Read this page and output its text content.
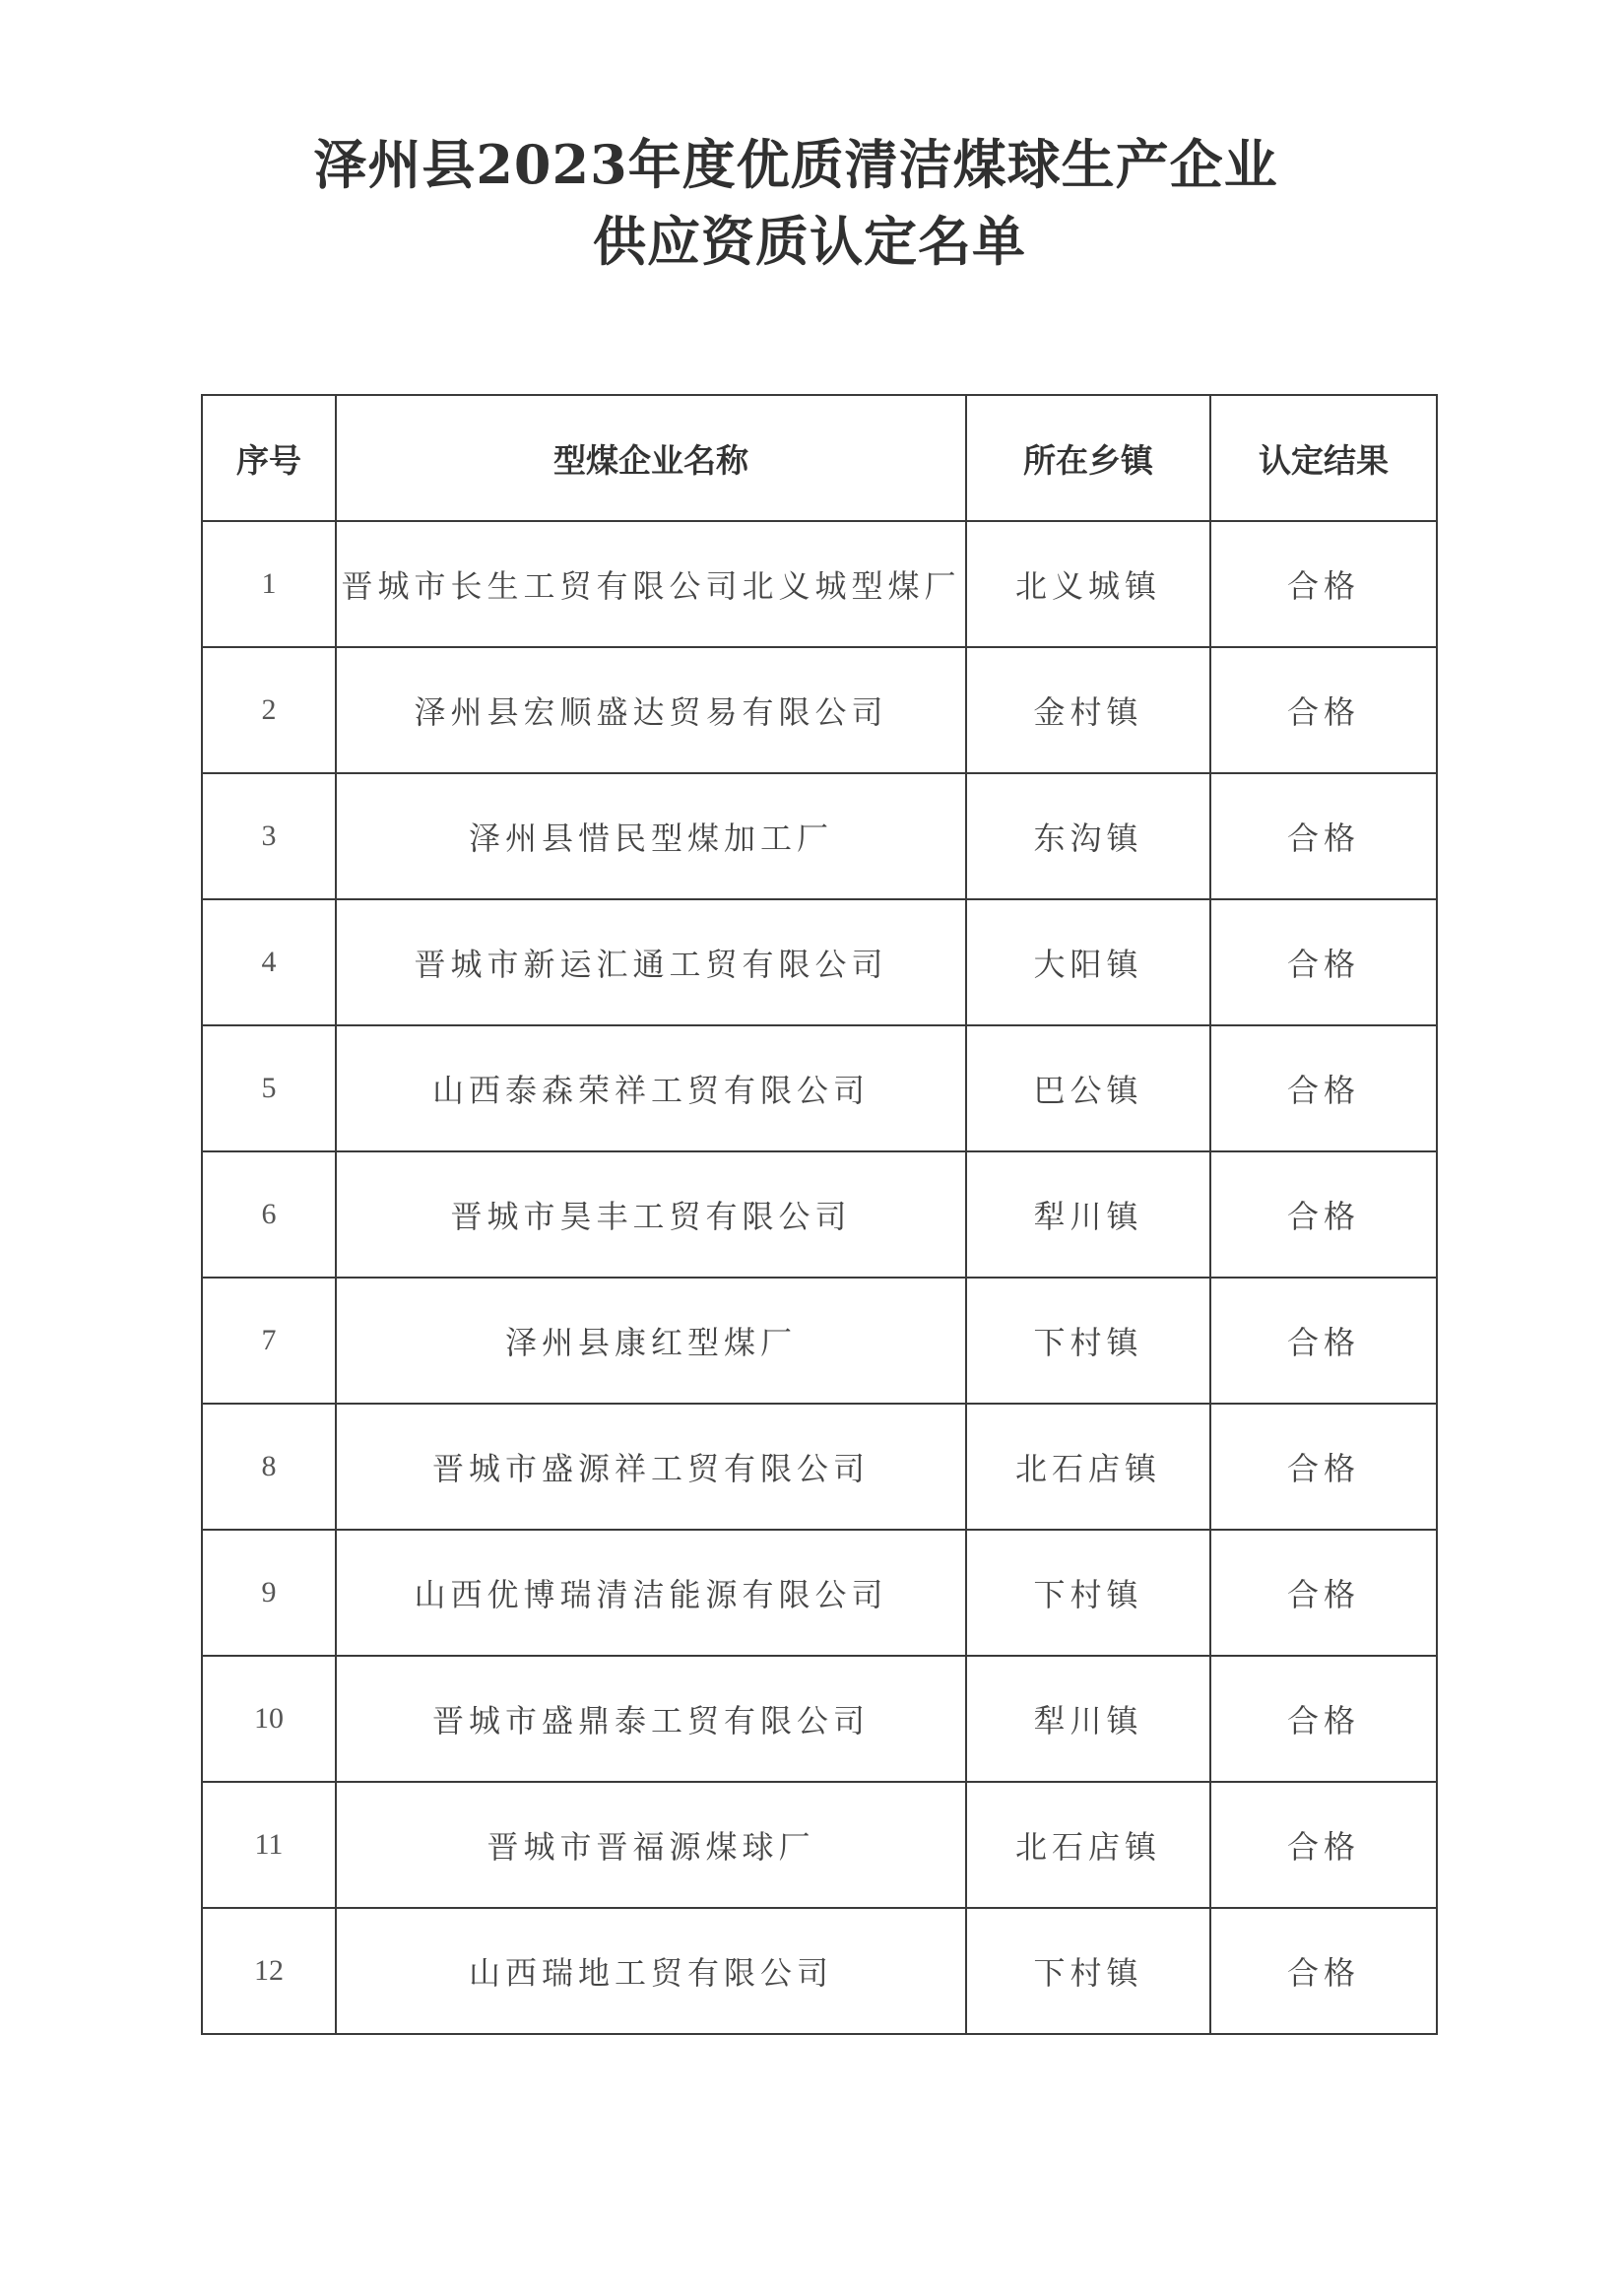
泽州县2023年度优质清洁煤球生产企业
供应资质认定名单
序号	型煤企业名称	所在乡镇	认定结果
1	晋城市长生工贸有限公司北义城型煤厂	北义城镇	合格
2	泽州县宏顺盛达贸易有限公司	金村镇	合格
3	泽州县惜民型煤加工厂	东沟镇	合格
4	晋城市新运汇通工贸有限公司	大阳镇	合格
5	山西泰森荣祥工贸有限公司	巴公镇	合格
6	晋城市昊丰工贸有限公司	犁川镇	合格
7	泽州县康红型煤厂	下村镇	合格
8	晋城市盛源祥工贸有限公司	北石店镇	合格
9	山西优博瑞清洁能源有限公司	下村镇	合格
10	晋城市盛鼎泰工贸有限公司	犁川镇	合格
11	晋城市晋福源煤球厂	北石店镇	合格
12	山西瑞地工贸有限公司	下村镇	合格
